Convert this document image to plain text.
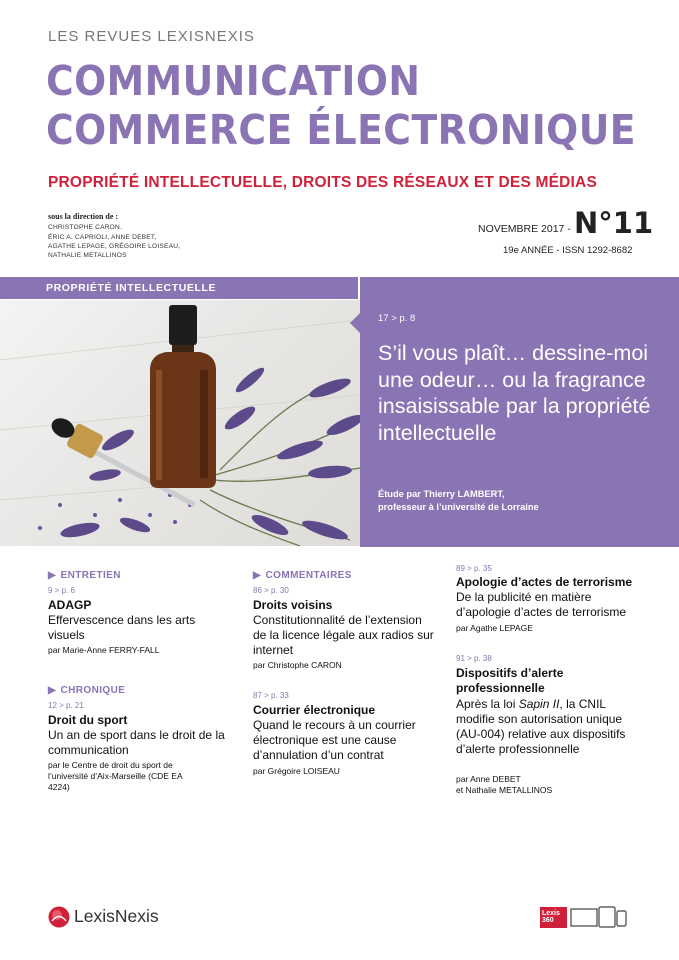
LES REVUES LEXISNEXIS
COMMUNICATION
COMMERCE ÉLECTRONIQUE
PROPRIÉTÉ INTELLECTUELLE, DROITS DES RÉSEAUX ET DES MÉDIAS
sous la direction de :
CHRISTOPHE CARON.
ÉRIC A. CAPRIOLI, ANNE DEBET,
AGATHE LEPAGE, GRÉGOIRE LOISEAU,
NATHALIE METALLINOS
NOVEMBRE 2017 - N°11
19e ANNÉE - ISSN 1292-8682
PROPRIÉTÉ INTELLECTUELLE
17 > p. 8
S’il vous plaît… dessine-moi une odeur… ou la fragrance insaisissable par la propriété intellectuelle
Étude par Thierry LAMBERT,
professeur à l’université de Lorraine
▶ ENTRETIEN
9 > p. 6
ADAGP
Effervescence dans les arts visuels
par Marie-Anne FERRY-FALL
▶ CHRONIQUE
12 > p. 21
Droit du sport
Un an de sport dans le droit de la communication
par le Centre de droit du sport de l’université d’Aix-Marseille (CDE EA 4224)
▶ COMMENTAIRES
86 > p. 30
Droits voisins
Constitutionnalité de l’extension de la licence légale aux radios sur internet
par Christophe CARON
87 > p. 33
Courrier électronique
Quand le recours à un courrier électronique est une cause d’annulation d’un contrat
par Grégoire LOISEAU
89 > p. 35
Apologie d’actes de terrorisme
De la publicité en matière d’apologie d’actes de terrorisme
par Agathe LEPAGE
91 > p. 38
Dispositifs d’alerte professionnelle
Après la loi Sapin II, la CNIL modifie son autorisation unique (AU-004) relative aux dispositifs d’alerte professionnelle
par Anne DEBET
et Nathalie METALLINOS
LexisNexis	Lexis
360
